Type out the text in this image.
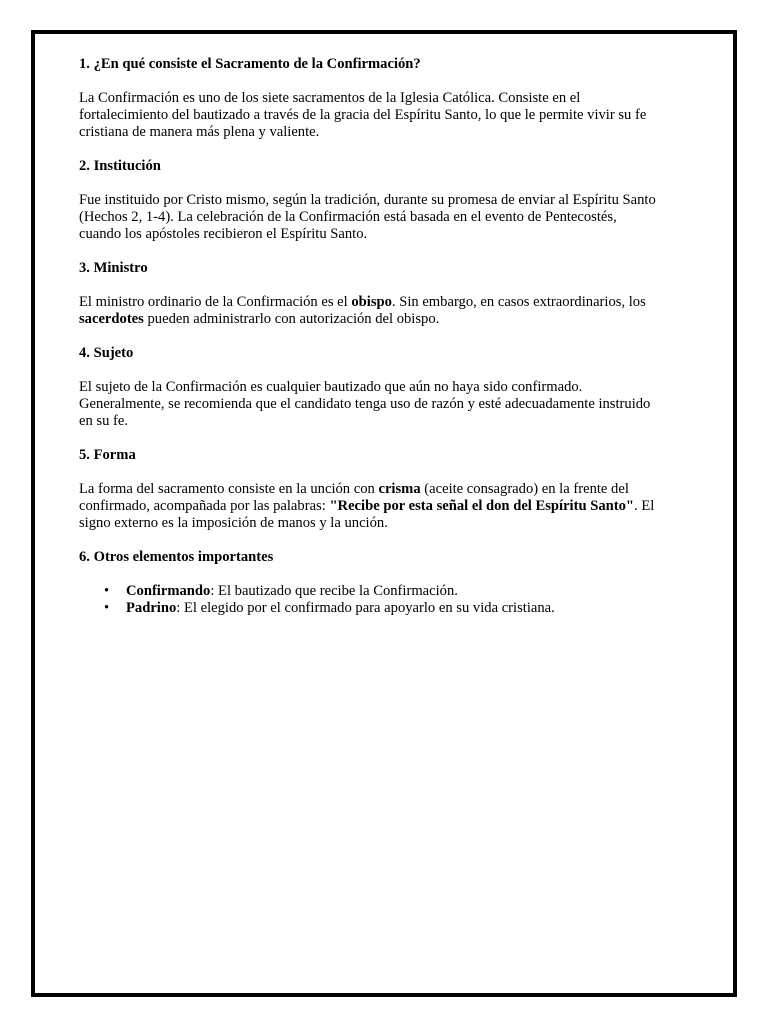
1. ¿En qué consiste el Sacramento de la Confirmación?

La Confirmación es uno de los siete sacramentos de la Iglesia Católica. Consiste en el fortalecimiento del bautizado a través de la gracia del Espíritu Santo, lo que le permite vivir su fe cristiana de manera más plena y valiente.

2. Institución

Fue instituido por Cristo mismo, según la tradición, durante su promesa de enviar al Espíritu Santo (Hechos 2, 1-4). La celebración de la Confirmación está basada en el evento de Pentecostés, cuando los apóstoles recibieron el Espíritu Santo.

3. Ministro

El ministro ordinario de la Confirmación es el obispo. Sin embargo, en casos extraordinarios, los sacerdotes pueden administrarlo con autorización del obispo.

4. Sujeto

El sujeto de la Confirmación es cualquier bautizado que aún no haya sido confirmado. Generalmente, se recomienda que el candidato tenga uso de razón y esté adecuadamente instruido en su fe.

5. Forma

La forma del sacramento consiste en la unción con crisma (aceite consagrado) en la frente del confirmado, acompañada por las palabras: "Recibe por esta señal el don del Espíritu Santo". El signo externo es la imposición de manos y la unción.

6. Otros elementos importantes
• Confirmando: El bautizado que recibe la Confirmación.
• Padrino: El elegido por el confirmado para apoyarlo en su vida cristiana.
